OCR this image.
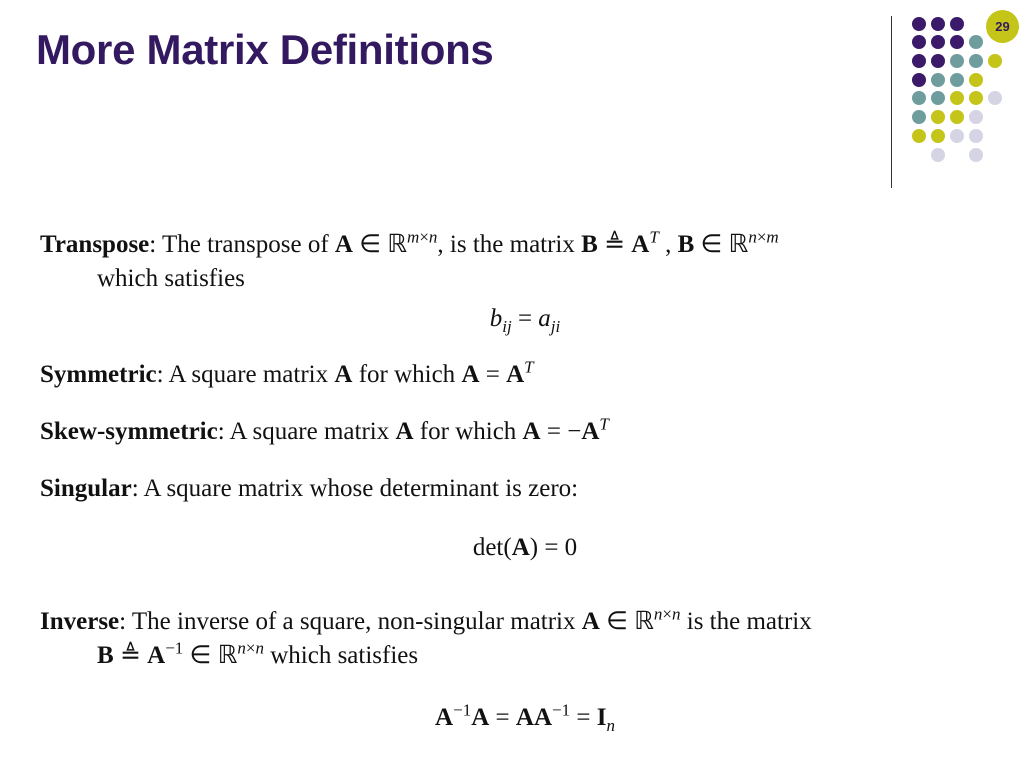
More Matrix Definitions	29

Transpose: The transpose of A ∈ ℝ$^{m\times n}$, is the matrix B ≜ $A^T$ , B ∈ ℝ$^{n\times m}$

which satisfies

$b_{ij} = a_{ji}$

Symmetric: A square matrix A for which $A = A^T$

Skew-symmetric: A square matrix A for which $A = -A^T$

Singular: A square matrix whose determinant is zero:

det(A) = 0

Inverse: The inverse of a square, non-singular matrix A ∈ ℝ$^{n\times n}$ is the matrix

B ≜ $A^{-1}$ ∈ ℝ$^{n\times n}$ which satisfies

$A^{-1}A = AA^{-1} = I_n$
